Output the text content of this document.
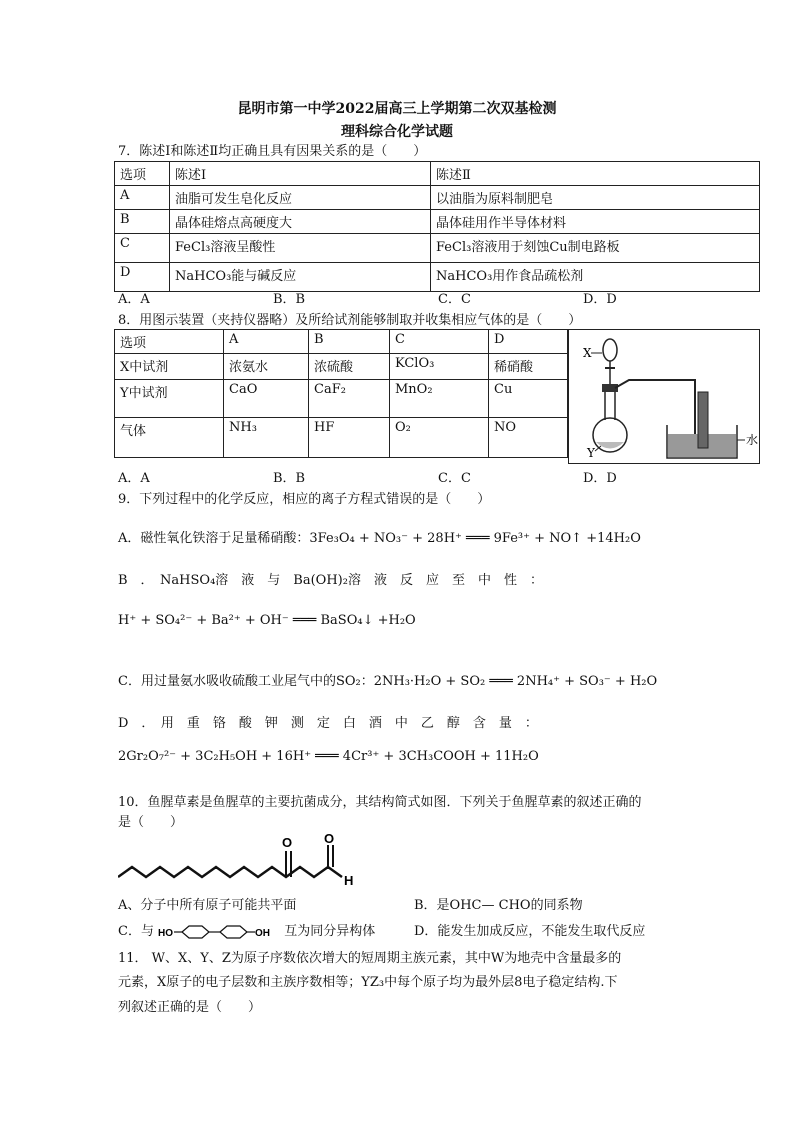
昆明市第一中学2022届高三上学期第二次双基检测
理科综合化学试题
7．陈述Ⅰ和陈述Ⅱ均正确且具有因果关系的是（　　）
选项	陈述Ⅰ	陈述Ⅱ
A	油脂可发生皂化反应	以油脂为原料制肥皂
B	晶体硅熔点高硬度大	晶体硅用作半导体材料
C	FeCl₃溶液呈酸性	FeCl₃溶液用于刻蚀Cu制电路板
D	NaHCO₃能与碱反应	NaHCO₃用作食品疏松剂
A．A	B．B	C．C	D．D
8．用图示装置（夹持仪器略）及所给试剂能够制取并收集相应气体的是（　　）
选项	A	B	C	D
X中试剂	浓氨水	浓硫酸	KClO₃	稀硝酸
Y中试剂	CaO	CaF₂	MnO₂	Cu
气体	NH₃	HF	O₂	NO
X
Y
水
A．A	B．B	C．C	D．D
9．下列过程中的化学反应，相应的离子方程式错误的是（　　）
A．磁性氧化铁溶于足量稀硝酸：3Fe₃O₄ + NO₃⁻ + 28H⁺ ═══ 9Fe³⁺ + NO↑ +14H₂O
B　．　NaHSO₄溶　液　与　Ba(OH)₂溶　液　反　应　至　中　性　：
H⁺ + SO₄²⁻ + Ba²⁺ + OH⁻ ═══ BaSO₄↓ +H₂O
C．用过量氨水吸收硫酸工业尾气中的SO₂：2NH₃·H₂O + SO₂ ═══ 2NH₄⁺ + SO₃⁻ + H₂O
D　．　用　重　铬　酸　钾　测　定　白　酒　中　乙　醇　含　量　：
2Gr₂O₇²⁻ + 3C₂H₅OH + 16H⁺ ═══ 4Cr³⁺ + 3CH₃COOH + 11H₂O
10．鱼腥草素是鱼腥草的主要抗菌成分，其结构简式如图．下列关于鱼腥草素的叙述正确的
是（　　）
O O
H
A、分子中所有原子可能共平面	B．是OHC— CHO的同系物
C．与 HO	OH 互为同分异构体	D．能发生加成反应，不能发生取代反应
11． W、X、Y、Z为原子序数依次增大的短周期主族元素，其中W为地壳中含量最多的
元素，X原子的电子层数和主族序数相等；YZ₃中每个原子均为最外层8电子稳定结构.下
列叙述正确的是（　　）
